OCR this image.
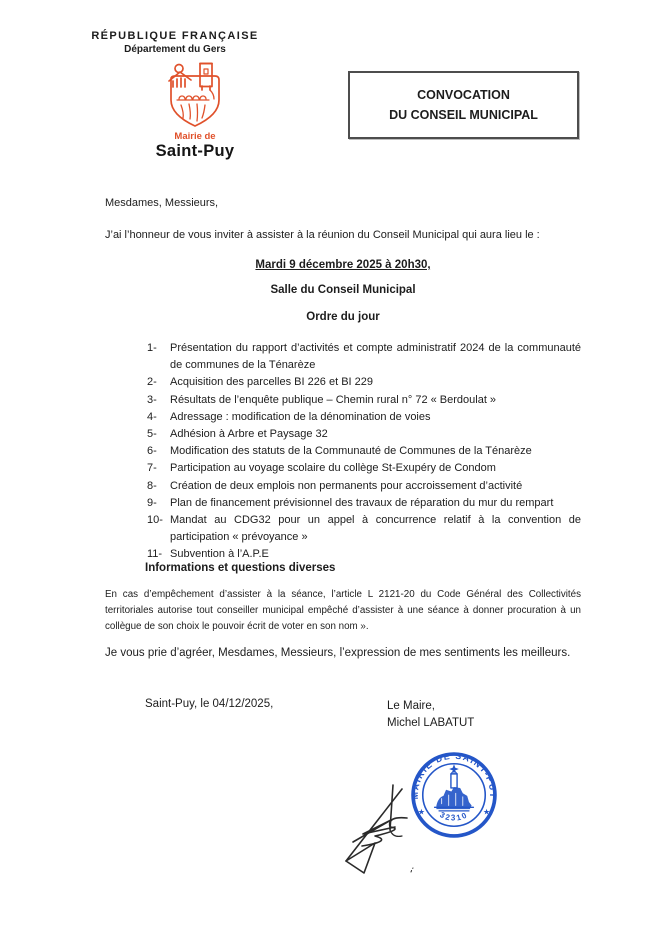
RÉPUBLIQUE FRANÇAISE
Département du Gers
Mairie de
Saint-Puy
CONVOCATION
DU CONSEIL MUNICIPAL
Mesdames, Messieurs,
J’ai l’honneur de vous inviter à assister à la réunion du Conseil Municipal qui aura lieu le :
Mardi 9 décembre 2025 à 20h30,
Salle du Conseil Municipal
Ordre du jour
1-	Présentation du rapport d’activités et compte administratif 2024 de la communauté de communes de la Ténarèze
2-	Acquisition des parcelles BI 226 et BI 229
3-	Résultats de l’enquête publique – Chemin rural n° 72 « Berdoulat »
4-	Adressage : modification de la dénomination de voies
5-	Adhésion à Arbre et Paysage 32
6-	Modification des statuts de la Communauté de Communes de la Ténarèze
7-	Participation au voyage scolaire du collège St-Exupéry de Condom
8-	Création de deux emplois non permanents pour accroissement d’activité
9-	Plan de financement prévisionnel des travaux de réparation du mur du rempart
10- Mandat au CDG32 pour un appel à concurrence relatif à la convention de participation « prévoyance »
11- Subvention à l’A.P.E
Informations et questions diverses
En cas d’empêchement d’assister à la séance, l’article L 2121-20 du Code Général des Collectivités territoriales autorise tout conseiller municipal empêché d’assister à une séance à donner procuration à un collègue de son choix le pouvoir écrit de voter en son nom ».
Je vous prie d’agréer, Mesdames, Messieurs, l’expression de mes sentiments les meilleurs.
Saint-Puy, le 04/12/2025,	Le Maire,
Michel LABATUT
MAIRIE DE SAINT-PUY
32310
★	★
